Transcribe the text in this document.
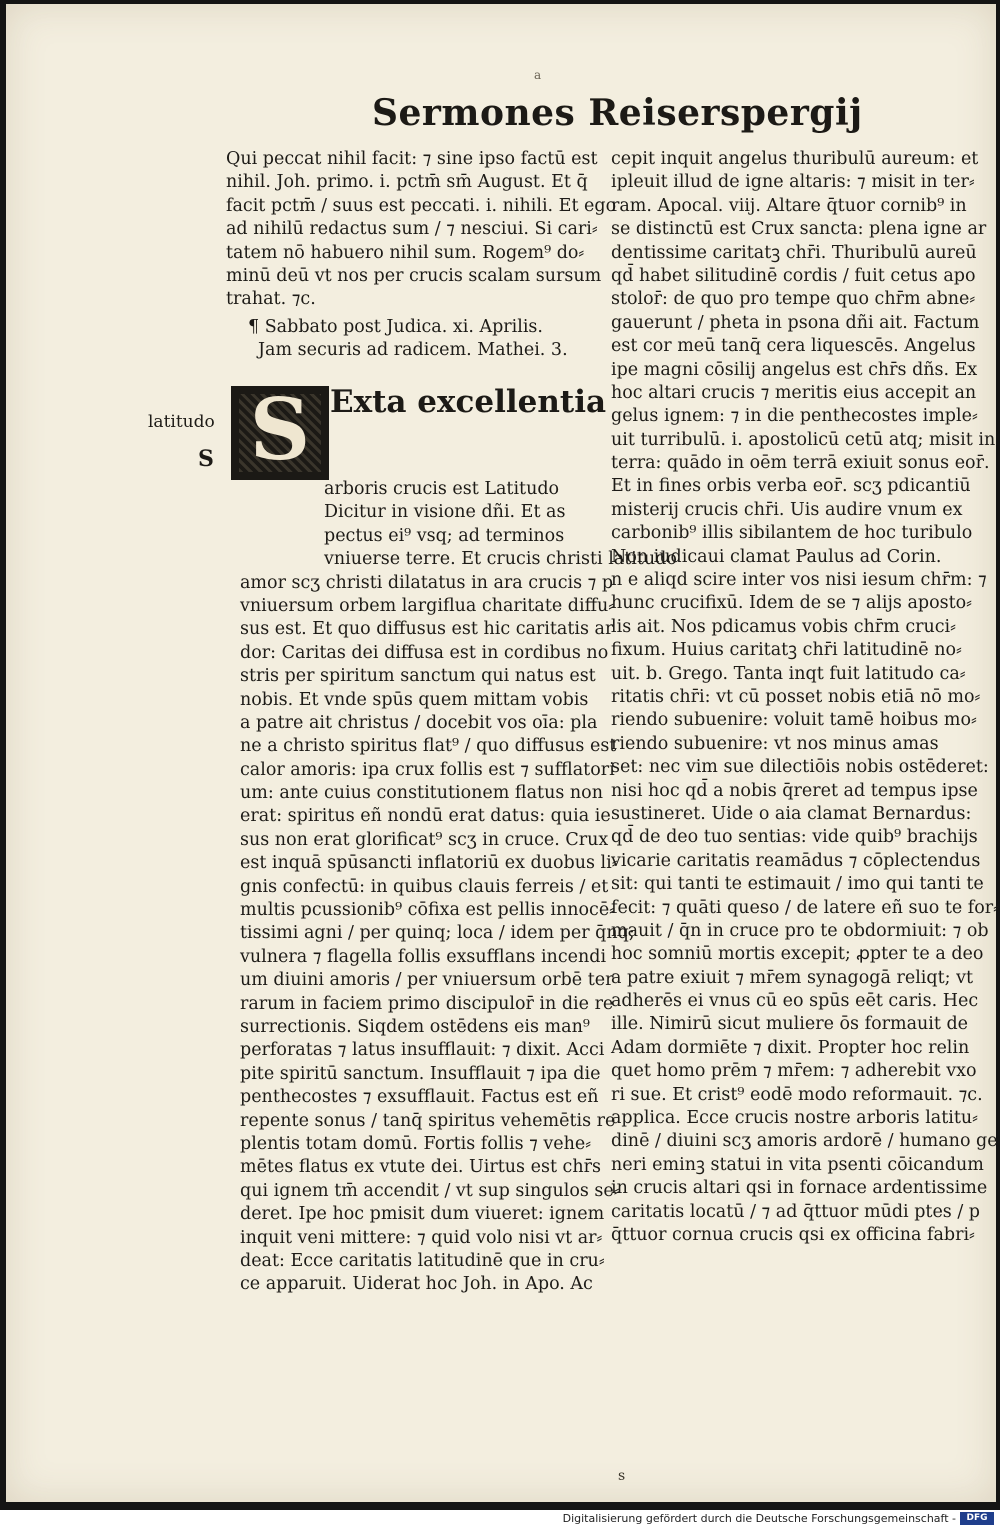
a
Sermones Reiserspergij
Qui peccat nihil facit: ⁊ sine ipso factū est
nihil. Joh. primo. i. pctm̄ sm̄ August. Et q̄
facit pctm̄ / suus est peccati. i. nihili. Et ego
ad nihilū redactus sum / ⁊ nesciui. Si cari⸗
tatem nō habuero nihil sum. Rogem⁹ do⸗
minū deū vt nos per crucis scalam sursum
trahat. ⁊c.
¶ Sabbato post Judica. xi. Aprilis.
Jam securis ad radicem. Mathei. 3.
latitudo
S S Exta excellentia
arboris crucis est Latitudo
Dicitur in visione dñi. Et as
pectus ei⁹ vsq; ad terminos
vniuerse terre. Et crucis christi latitudo
amor scʒ christi dilatatus in ara crucis ⁊ p
vniuersum orbem largiflua charitate diffu⸗
sus est. Et quo diffusus est hic caritatis ar
dor: Caritas dei diffusa est in cordibus no
stris per spiritum sanctum qui natus est
nobis. Et vnde spūs quem mittam vobis
a patre ait christus / docebit vos oīa: pla
ne a christo spiritus flat⁹ / quo diffusus est
calor amoris: ipa crux follis est ⁊ sufflatori
um: ante cuius constitutionem flatus non
erat: spiritus eñ nondū erat datus: quia ie
sus non erat glorificat⁹ scʒ in cruce. Crux
est inquā spūsancti inflatoriū ex duobus li⸗
gnis confectū: in quibus clauis ferreis / et
multis pcussionib⁹ cōfixa est pellis innocē⸗
tissimi agni / per quinq; loca / idem per q̄nq;
vulnera ⁊ flagella follis exsufflans incendi
um diuini amoris / per vniuersum orbē ter
rarum in faciem primo discipulor̄ in die re
surrectionis. Siqdem ostēdens eis man⁹
perforatas ⁊ latus insufflauit: ⁊ dixit. Acci
pite spiritū sanctum. Insufflauit ⁊ ipa die
penthecostes ⁊ exsufflauit. Factus est eñ
repente sonus / tanq̄ spiritus vehemētis re
plentis totam domū. Fortis follis ⁊ vehe⸗
mētes flatus ex vtute dei. Uirtus est chr̄s
qui ignem tm̄ accendit / vt sup singulos se⸗
deret. Ipe hoc pmisit dum viueret: ignem
inquit veni mittere: ⁊ quid volo nisi vt ar⸗
deat: Ecce caritatis latitudinē que in cru⸗
ce apparuit. Uiderat hoc Joh. in Apo. Ac
cepit inquit angelus thuribulū aureum: et
ipleuit illud de igne altaris: ⁊ misit in ter⸗
ram. Apocal. viij. Altare q̄tuor cornib⁹ in
se distinctū est Crux sancta: plena igne ar
dentissime caritatꝫ chr̄i. Thuribulū aureū
qd̄ habet silitudinē cordis / fuit cetus apo
stolor̄: de quo pro tempe quo chr̄m abne⸗
gauerunt / pheta in psona dñi ait. Factum
est cor meū tanq̄ cera liquescēs. Angelus
ipe magni cōsilij angelus est chr̄s dñs. Ex
hoc altari crucis ⁊ meritis eius accepit an
gelus ignem: ⁊ in die penthecostes imple⸗
uit turribulū. i. apostolicū cetū atq; misit in
terra: quādo in oēm terrā exiuit sonus eor̄.
Et in fines orbis verba eor̄. scʒ pdicantiū
misterij crucis chr̄i. Uis audire vnum ex
carbonib⁹ illis sibilantem de hoc turibulo
Non iudicaui clamat Paulus ad Corin.
n e aliqd scire inter vos nisi iesum chr̄m: ⁊
hunc crucifixū. Idem de se ⁊ alijs aposto⸗
lis ait. Nos pdicamus vobis chr̄m cruci⸗
fixum. Huius caritatꝫ chr̄i latitudinē no⸗
uit. b. Grego. Tanta inqt fuit latitudo ca⸗
ritatis chr̄i: vt cū posset nobis etiā nō mo⸗
riendo subuenire: voluit tamē hoibus mo⸗
riendo subuenire: vt nos minus amas
set: nec vim sue dilectiōis nobis ostēderet:
nisi hoc qd̄ a nobis q̄reret ad tempus ipse
sustineret. Uide o aia clamat Bernardus:
qd̄ de deo tuo sentias: vide quib⁹ brachijs
vicarie caritatis reamādus ⁊ cōplectendus
sit: qui tanti te estimauit / imo qui tanti te
fecit: ⁊ quāti queso / de latere eñ suo te for⸗
mauit / q̄n in cruce pro te obdormiuit: ⁊ ob
hoc somniū mortis excepit; ꝓpter te a deo
a patre exiuit ⁊ mr̄em synagogā reliqt; vt
adherēs ei vnus cū eo spūs eēt caris. Hec
ille. Nimirū sicut muliere ōs formauit de
Adam dormiēte ⁊ dixit. Propter hoc relin
quet homo prēm ⁊ mr̄em: ⁊ adherebit vxo
ri sue. Et crist⁹ eodē modo reformauit. ⁊c.
applica. Ecce crucis nostre arboris latitu⸗
dinē / diuini scʒ amoris ardorē / humano ge
neri eminꝫ statui in vita psenti cōicandum
in crucis altari qsi in fornace ardentissime
caritatis locatū / ⁊ ad q̄ttuor mūdi ptes / p
q̄ttuor cornua crucis qsi ex officina fabri⸗
s
Digitalisierung gefördert durch die Deutsche Forschungsgemeinschaft -	DFG
